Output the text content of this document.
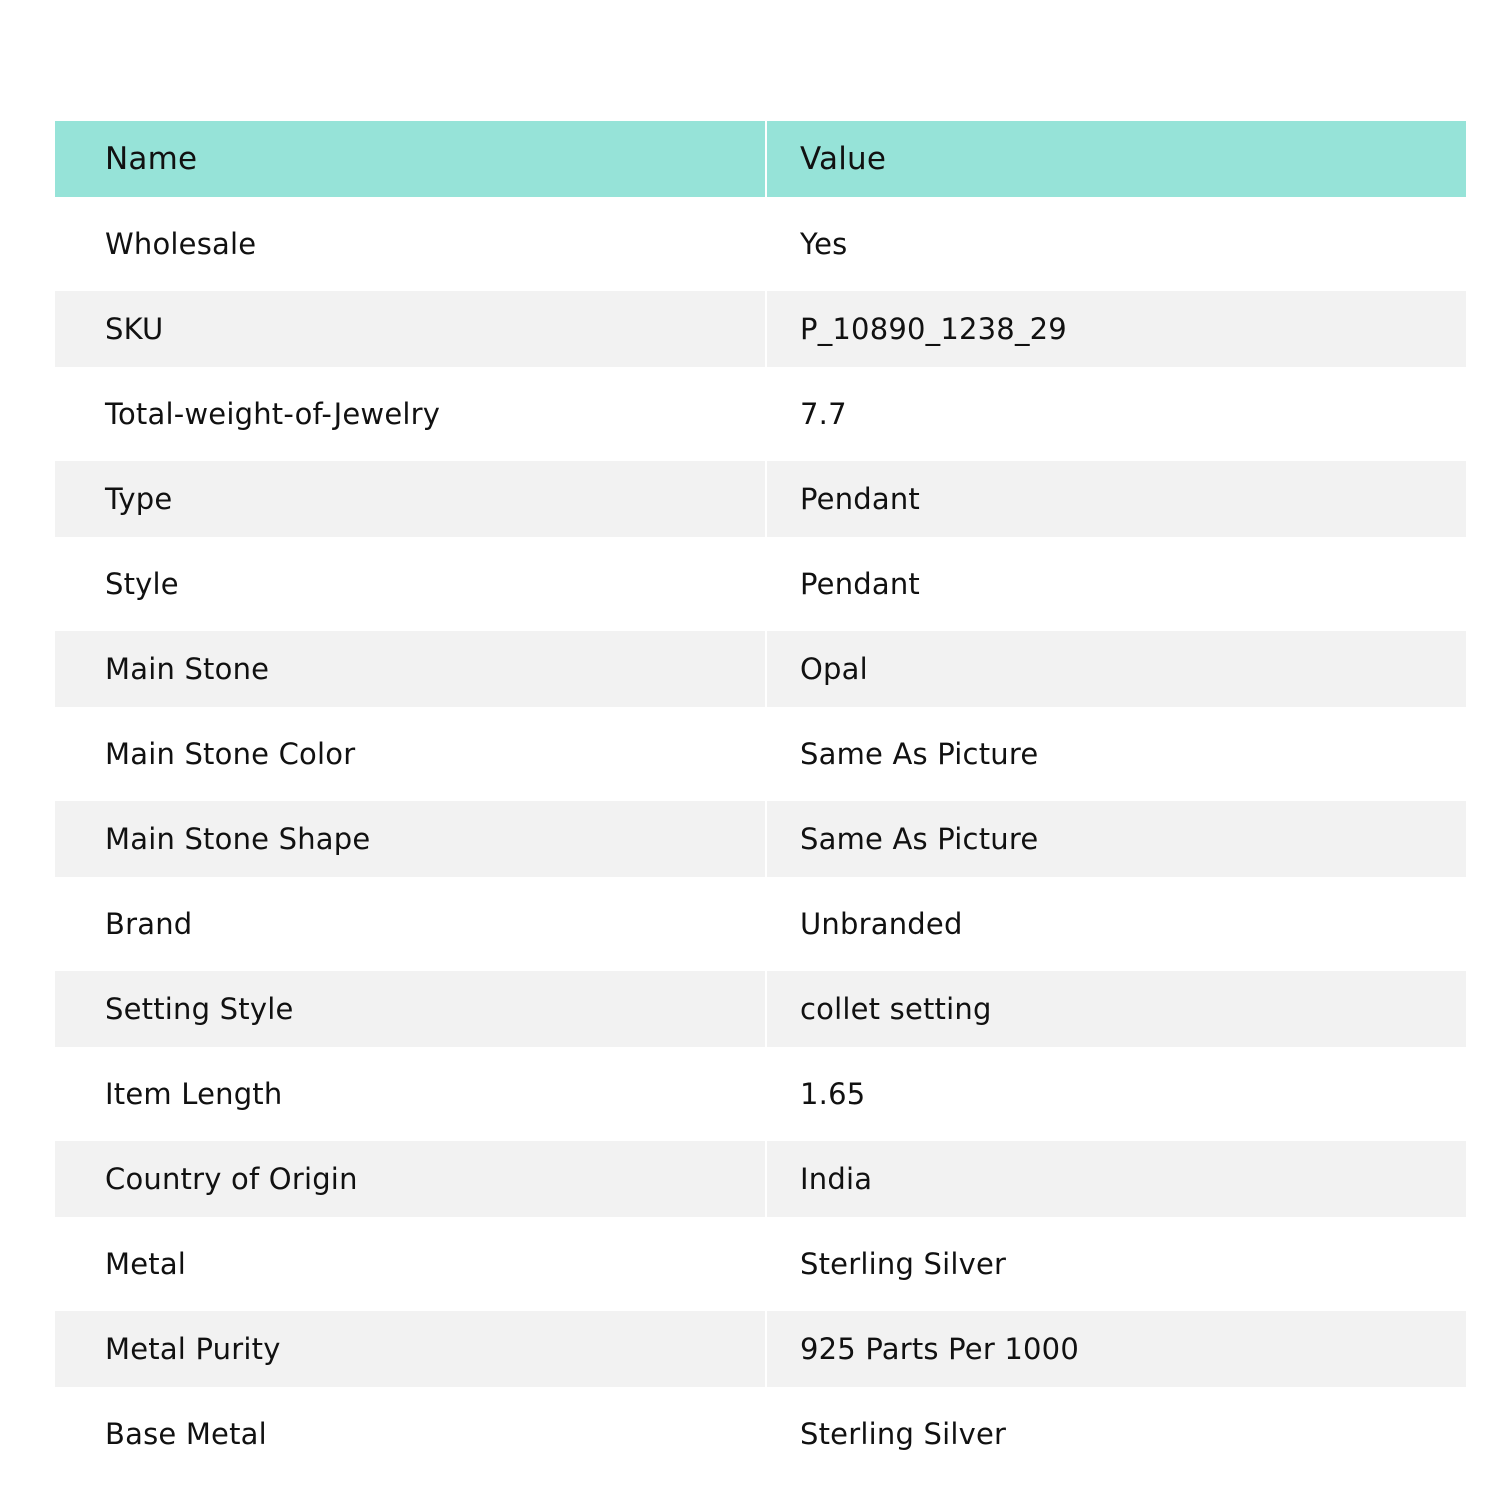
Name	Value
Wholesale	Yes
SKU	P_10890_1238_29
Total-weight-of-Jewelry	7.7
Type	Pendant
Style	Pendant
Main Stone	Opal
Main Stone Color	Same As Picture
Main Stone Shape	Same As Picture
Brand	Unbranded
Setting Style	collet setting
Item Length	1.65
Country of Origin	India
Metal	Sterling Silver
Metal Purity	925 Parts Per 1000
Base Metal	Sterling Silver
